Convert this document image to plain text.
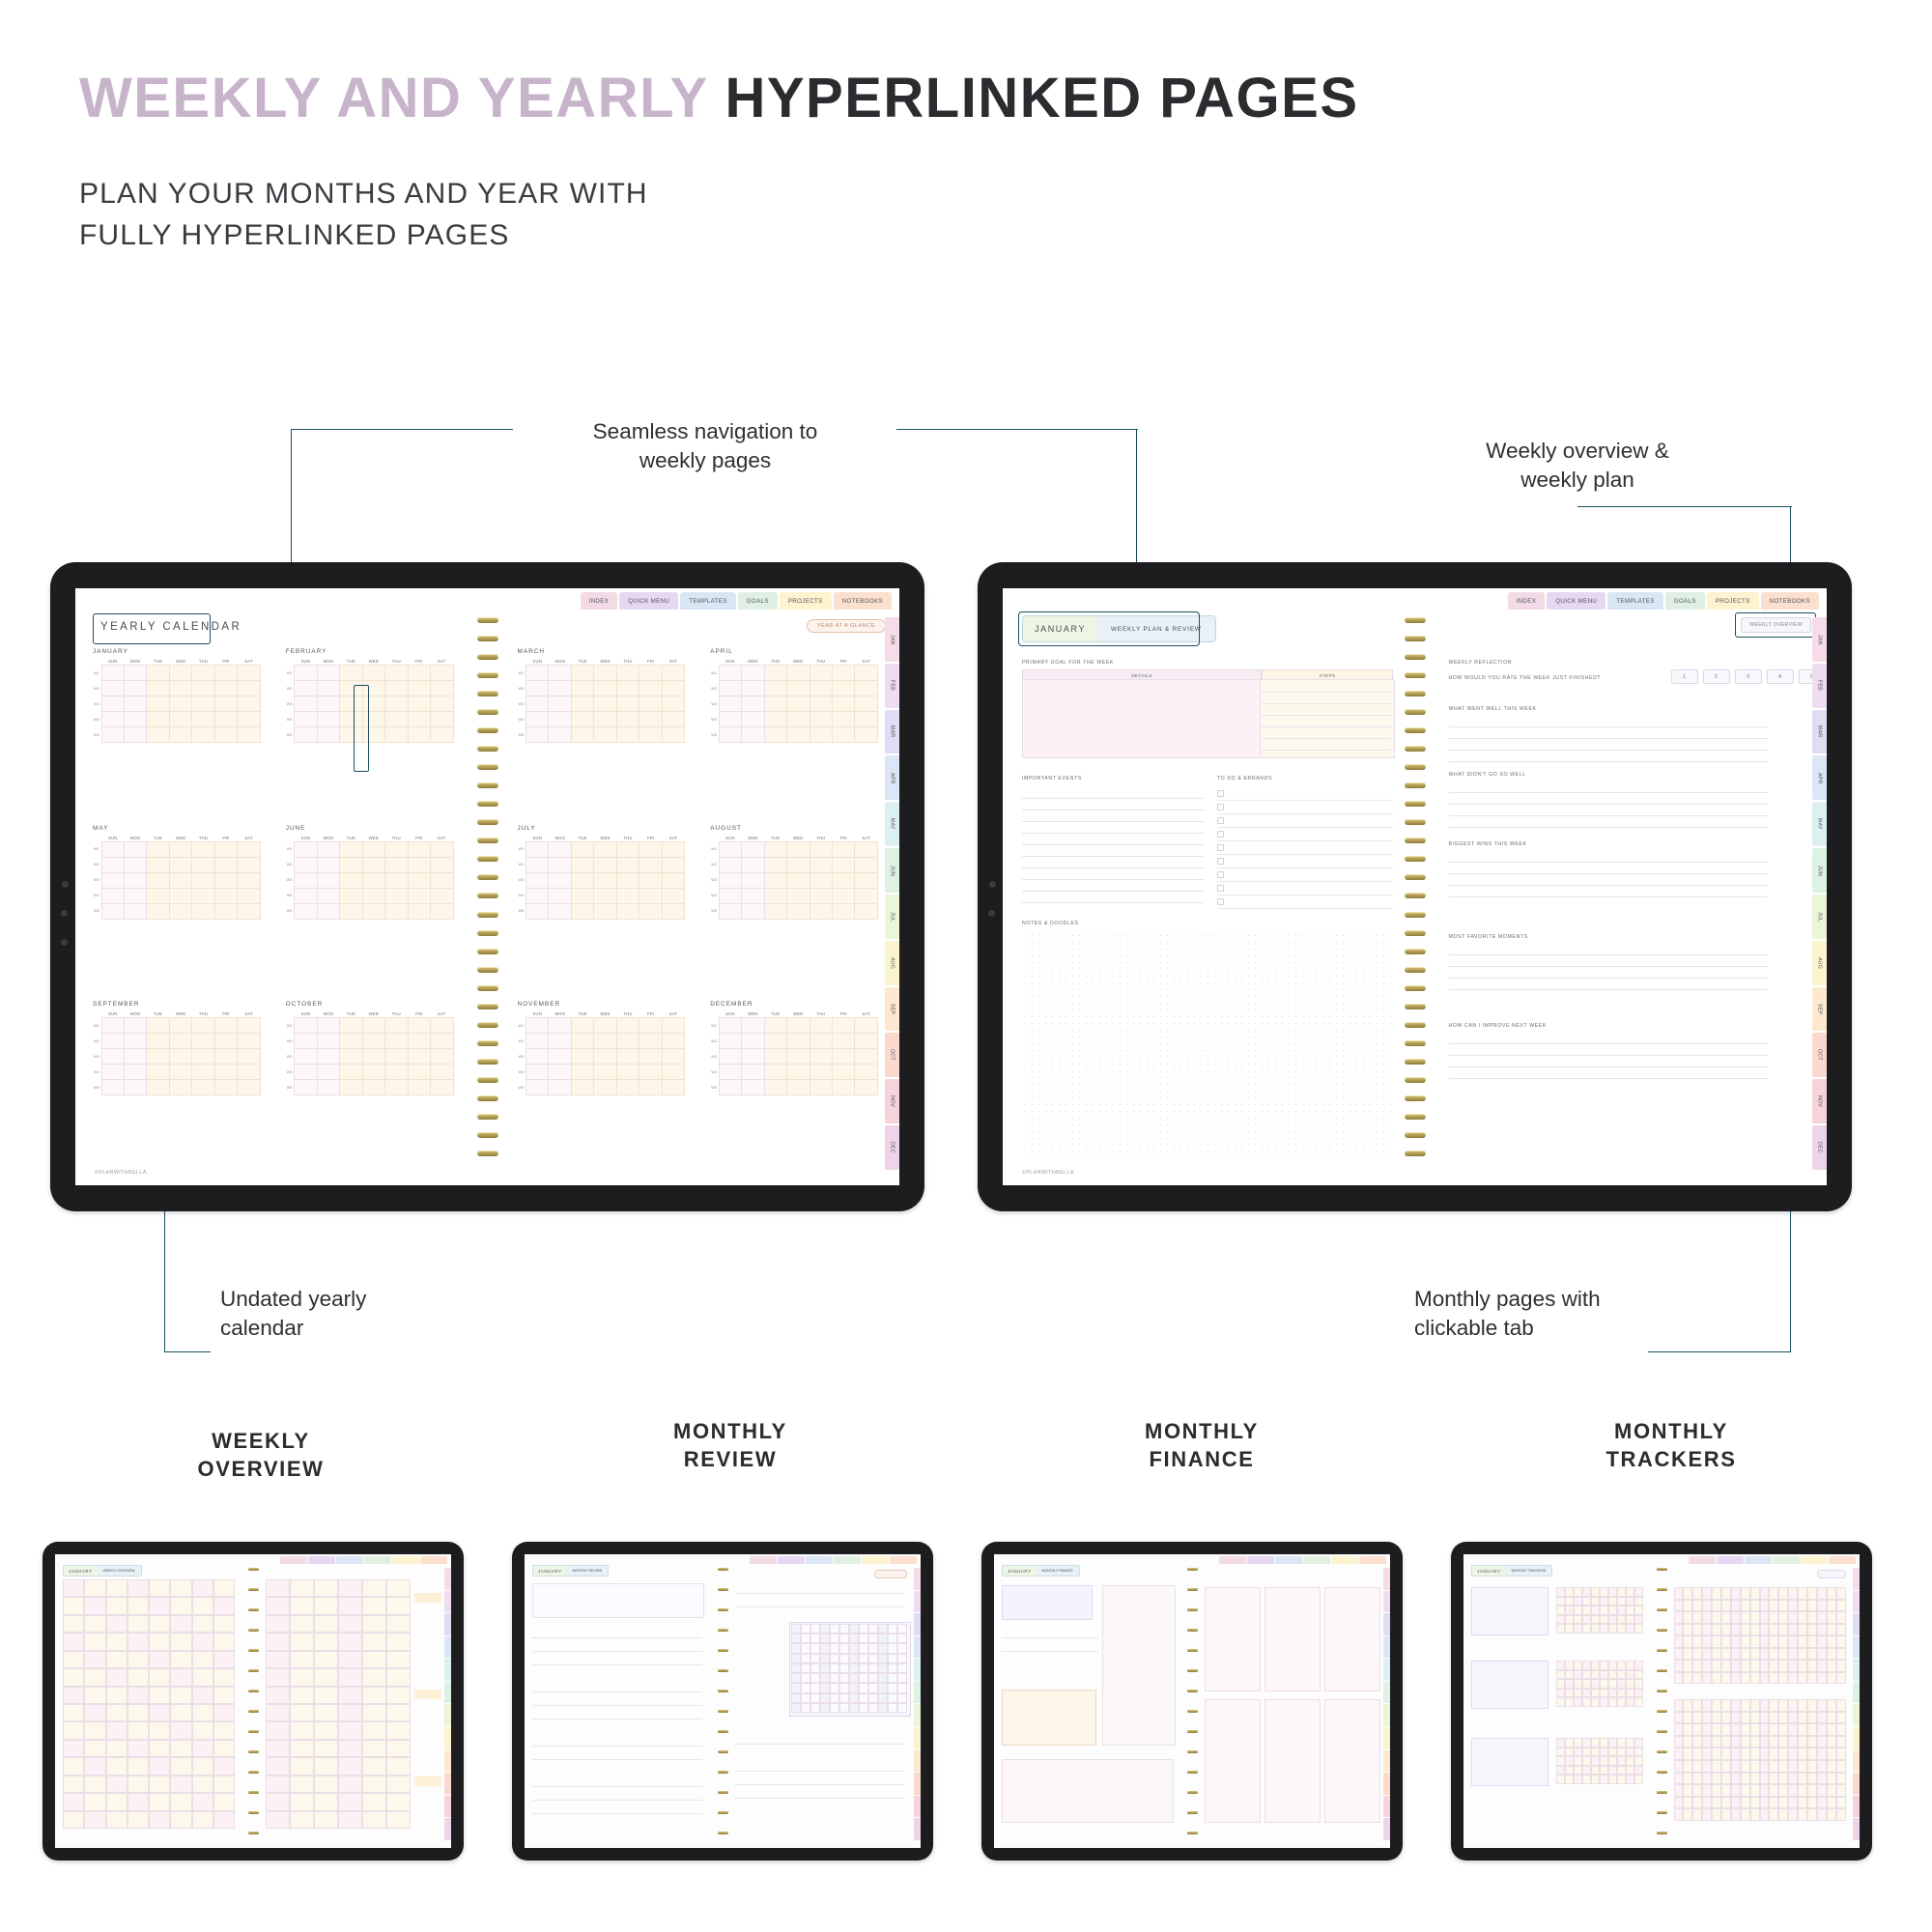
WEEKLY AND YEARLY HYPERLINKED PAGES
PLAN YOUR MONTHS AND YEAR WITH
FULLY HYPERLINKED PAGES
Seamless navigation to
weekly pages	Weekly overview &
weekly plan
Undated yearly
calendar
Monthly pages with
clickable tab
YEARLY CALENDAR
JANUARY
	SUN	MON	TUE	WED	THU	FRI	SAT
W1							
W2							
W3							
W4							
W5							
FEBRUARY
	SUN	MON	TUE	WED	THU	FRI	SAT
W1							
W2							
W3							
W4							
W5							
MAY
	SUN	MON	TUE	WED	THU	FRI	SAT
W1							
W2							
W3							
W4							
W5							
JUNE
	SUN	MON	TUE	WED	THU	FRI	SAT
W1							
W2							
W3							
W4							
W5							
SEPTEMBER
	SUN	MON	TUE	WED	THU	FRI	SAT
W1							
W2							
W3							
W4							
W5							
OCTOBER
	SUN	MON	TUE	WED	THU	FRI	SAT
W1							
W2							
W3							
W4							
W5							
©PLANWITHBELLA
INDEX	QUICK MENU	TEMPLATES	GOALS	PROJECTS	NOTEBOOKS
YEAR AT A GLANCE
MARCH
	SUN	MON	TUE	WED	THU	FRI	SAT
W1							
W2							
W3							
W4							
W5							
APRIL
	SUN	MON	TUE	WED	THU	FRI	SAT
W1							
W2							
W3							
W4							
W5							
JULY
	SUN	MON	TUE	WED	THU	FRI	SAT
W1							
W2							
W3							
W4							
W5							
AUGUST
	SUN	MON	TUE	WED	THU	FRI	SAT
W1							
W2							
W3							
W4							
W5							
NOVEMBER
	SUN	MON	TUE	WED	THU	FRI	SAT
W1							
W2							
W3							
W4							
W5							
DECEMBER
	SUN	MON	TUE	WED	THU	FRI	SAT
W1							
W2							
W3							
W4							
W5							
JAN
FEB
MAR
APR
MAY
JUN
JUL
AUG
SEP
OCT
NOV
DEC
JANUARY	WEEKLY PLAN & REVIEW
PRIMARY GOAL FOR THE WEEK
DETAILS	STEPS
IMPORTANT EVENTS	TO DO & ERRANDS
NOTES & DOODLES
©PLANWITHBELLA
INDEX	QUICK MENU	TEMPLATES	GOALS	PROJECTS	NOTEBOOKS
WEEKLY OVERVIEW
WEEKLY REFLECTION
HOW WOULD YOU RATE THE WEEK JUST FINISHED?	1	2	3	4
WHAT WENT WELL THIS WEEK
WHAT DIDN'T GO SO WELL
BIGGEST WINS THIS WEEK
MOST FAVORITE MOMENTS
HOW CAN I IMPROVE NEXT WEEK
JAN
FEB
MAR
APR
MAY
JUN
JUL
AUG
SEP
OCT
NOV
DEC
WEEKLY
OVERVIEW
MONTHLY
REVIEW
MONTHLY
FINANCE
MONTHLY
TRACKERS
JANUARY	WEEKLY OVERVIEW	JANUARY	MONTHLY REVIEW	JANUARY	MONTHLY FINANCE	JANUARY	MONTHLY TRACKERS
